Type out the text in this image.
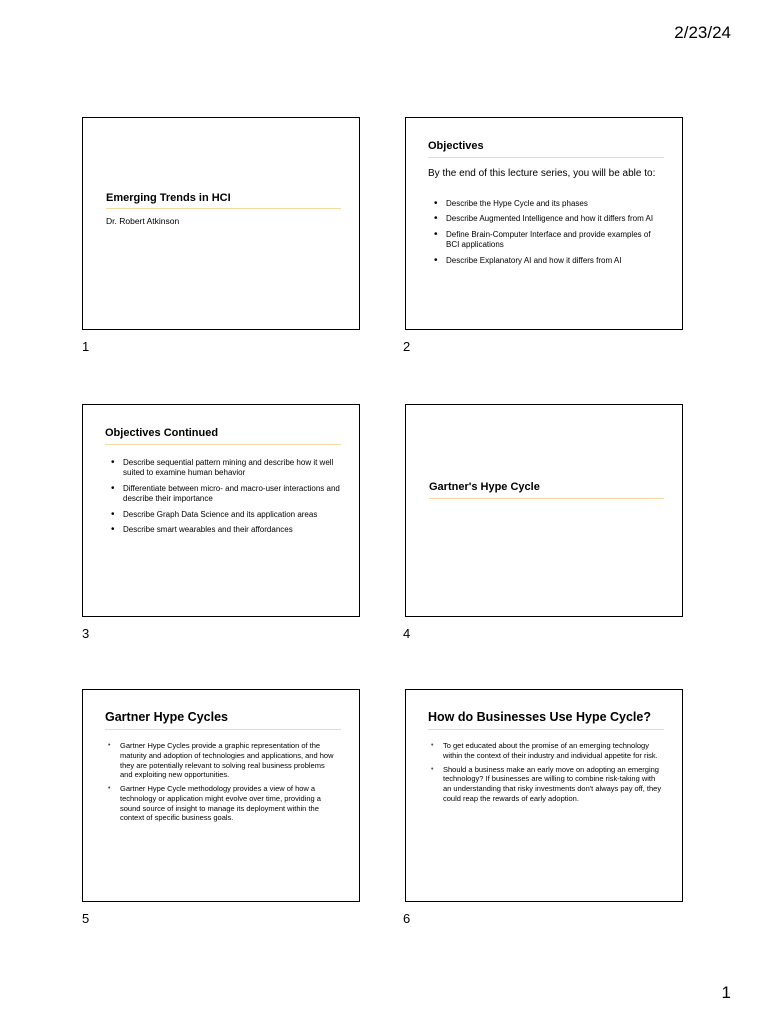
2/23/24
Emerging Trends in HCI
Dr. Robert Atkinson
1
Objectives
By the end of this lecture series, you will be able to:
• Describe the Hype Cycle and its phases
• Describe Augmented Intelligence and how it differs from AI
• Define Brain-Computer Interface and provide examples of BCI applications
• Describe Explanatory AI and how it differs from AI
2
Objectives Continued
• Describe sequential pattern mining and describe how it well suited to examine human behavior
• Differentiate between micro- and macro-user interactions and describe their importance
• Describe Graph Data Science and its application areas
• Describe smart wearables and their affordances
3
Gartner's Hype Cycle
4
Gartner Hype Cycles
• Gartner Hype Cycles provide a graphic representation of the maturity and adoption of technologies and applications, and how they are potentially relevant to solving real business problems and exploiting new opportunities.
• Gartner Hype Cycle methodology provides a view of how a technology or application might evolve over time, providing a sound source of insight to manage its deployment within the context of specific business goals.
5
How do Businesses Use Hype Cycle?
• To get educated about the promise of an emerging technology within the context of their industry and individual appetite for risk.
• Should a business make an early move on adopting an emerging technology? If businesses are willing to combine risk-taking with an understanding that risky investments don't always pay off, they could reap the rewards of early adoption.
6
1
